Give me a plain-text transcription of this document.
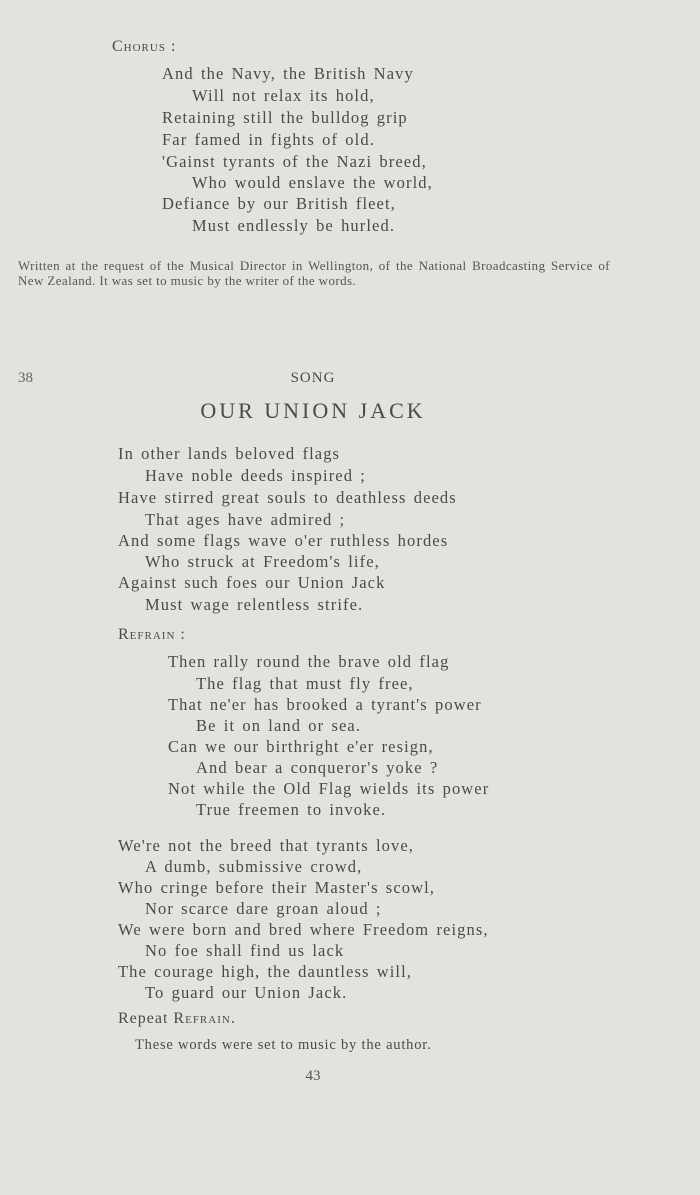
Chorus :
And the Navy, the British Navy
Will not relax its hold,
Retaining still the bulldog grip
Far famed in fights of old.
'Gainst tyrants of the Nazi breed,
Who would enslave the world,
Defiance by our British fleet,
Must endlessly be hurled.
Written at the request of the Musical Director in Wellington, of the National Broadcasting Service of New Zealand. It was set to music by the writer of the words.
38	SONG
OUR UNION JACK
In other lands beloved flags
Have noble deeds inspired ;
Have stirred great souls to deathless deeds
That ages have admired ;
And some flags wave o'er ruthless hordes
Who struck at Freedom's life,
Against such foes our Union Jack
Must wage relentless strife.
Refrain :
Then rally round the brave old flag
The flag that must fly free,
That ne'er has brooked a tyrant's power
Be it on land or sea.
Can we our birthright e'er resign,
And bear a conqueror's yoke ?
Not while the Old Flag wields its power
True freemen to invoke.
We're not the breed that tyrants love,
A dumb, submissive crowd,
Who cringe before their Master's scowl,
Nor scarce dare groan aloud ;
We were born and bred where Freedom reigns,
No foe shall find us lack
The courage high, the dauntless will,
To guard our Union Jack.
Repeat Refrain.
These words were set to music by the author.
43
